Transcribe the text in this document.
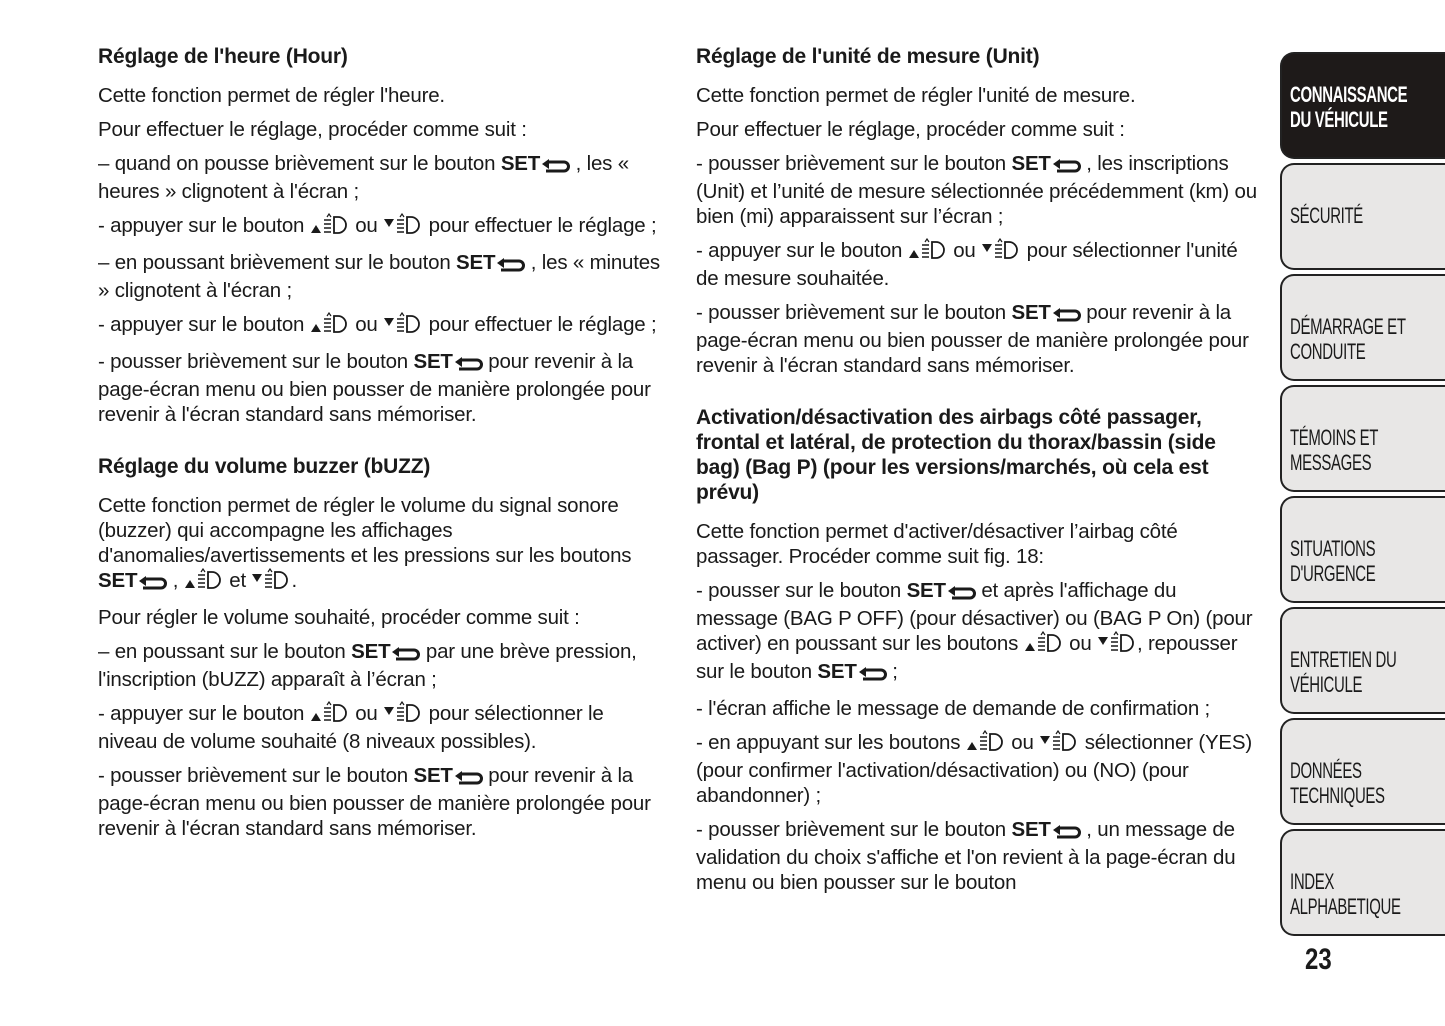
Réglage de l'heure (Hour)

Cette fonction permet de régler l'heure.

Pour effectuer le réglage, procéder comme suit :

– quand on pousse brièvement sur le bouton SET , les « heures » clignotent à l'écran ;

- appuyer sur le bouton  ou  pour effectuer le réglage ;

– en poussant brièvement sur le bouton SET , les « minutes » clignotent à l'écran ;

- appuyer sur le bouton  ou  pour effectuer le réglage ;

- pousser brièvement sur le bouton SET pour revenir à la page-écran menu ou bien pousser de manière prolongée pour revenir à l'écran standard sans mémoriser.

Réglage du volume buzzer (bUZZ)

Cette fonction permet de régler le volume du signal sonore (buzzer) qui accompagne les affichages d'anomalies/avertissements et les pressions sur les boutons SET ,  et .

Pour régler le volume souhaité, procéder comme suit :

– en poussant sur le bouton SET par une brève pression, l'inscription (bUZZ) apparaît à l’écran ;

- appuyer sur le bouton  ou  pour sélectionner le niveau de volume souhaité (8 niveaux possibles).

- pousser brièvement sur le bouton SET pour revenir à la page-écran menu ou bien pousser de manière prolongée pour revenir à l'écran standard sans mémoriser.

Réglage de l'unité de mesure (Unit)

Cette fonction permet de régler l'unité de mesure.

Pour effectuer le réglage, procéder comme suit :

- pousser brièvement sur le bouton SET , les inscriptions (Unit) et l’unité de mesure sélectionnée précédemment (km) ou bien (mi) apparaissent sur l’écran ;

- appuyer sur le bouton  ou  pour sélectionner l'unité de mesure souhaitée.

- pousser brièvement sur le bouton SET pour revenir à la page-écran menu ou bien pousser de manière prolongée pour revenir à l'écran standard sans mémoriser.

Activation/désactivation des airbags côté passager, frontal et latéral, de protection du thorax/bassin (side bag) (Bag P) (pour les versions/marchés, où cela est prévu)

Cette fonction permet d'activer/désactiver l’airbag côté passager. Procéder comme suit fig. 18:

- pousser sur le bouton SET et après l'affichage du message (BAG P OFF) (pour désactiver) ou (BAG P On) (pour activer) en poussant sur les boutons  ou , repousser sur le bouton SET ;

- l'écran affiche le message de demande de confirmation ;

- en appuyant sur les boutons  ou  sélectionner (YES) (pour confirmer l'activation/désactivation) ou (NO) (pour abandonner) ;

- pousser brièvement sur le bouton SET , un message de validation du choix s'affiche et l'on revient à la page-écran du menu ou bien pousser sur le bouton

CONNAISSANCE
DU VÉHICULE
SÉCURITÉ
DÉMARRAGE ET
CONDUITE
TÉMOINS ET
MESSAGES
SITUATIONS
D'URGENCE
ENTRETIEN DU
VÉHICULE
DONNÉES
TECHNIQUES
INDEX
ALPHABETIQUE
23
